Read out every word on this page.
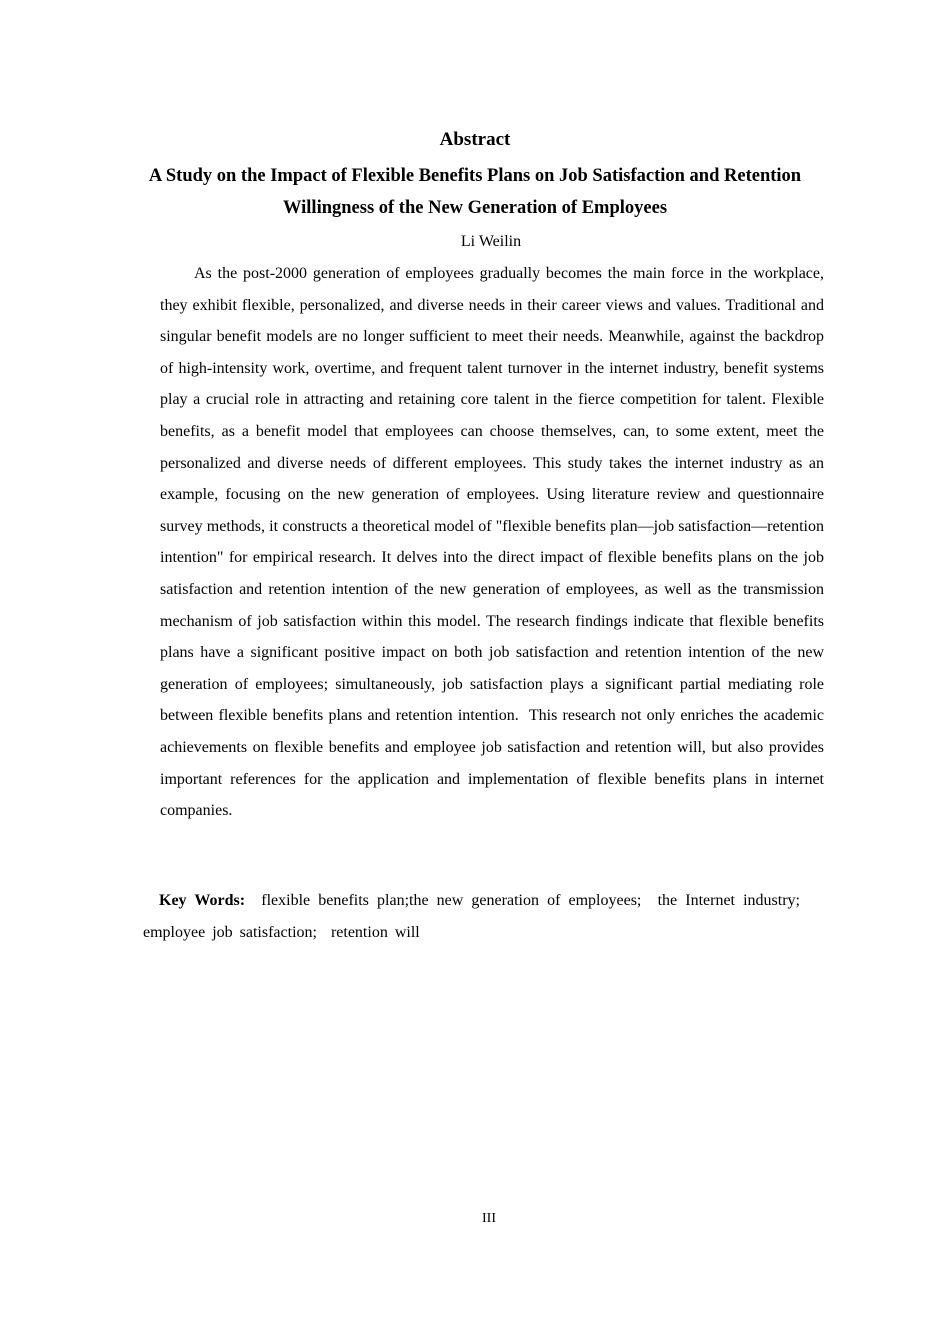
Abstract
A Study on the Impact of Flexible Benefits Plans on Job Satisfaction and Retention Willingness of the New Generation of Employees

Li Weilin

As the post-2000 generation of employees gradually becomes the main force in the workplace, they exhibit flexible, personalized, and diverse needs in their career views and values. Traditional and singular benefit models are no longer sufficient to meet their needs. Meanwhile, against the backdrop of high-intensity work, overtime, and frequent talent turnover in the internet industry, benefit systems play a crucial role in attracting and retaining core talent in the fierce competition for talent. Flexible benefits, as a benefit model that employees can choose themselves, can, to some extent, meet the personalized and diverse needs of different employees. This study takes the internet industry as an example, focusing on the new generation of employees. Using literature review and questionnaire survey methods, it constructs a theoretical model of "flexible benefits plan—job satisfaction—retention intention" for empirical research. It delves into the direct impact of flexible benefits plans on the job satisfaction and retention intention of the new generation of employees, as well as the transmission mechanism of job satisfaction within this model. The research findings indicate that flexible benefits plans have a significant positive impact on both job satisfaction and retention intention of the new generation of employees; simultaneously, job satisfaction plays a significant partial mediating role between flexible benefits plans and retention intention.  This research not only enriches the academic achievements on flexible benefits and employee job satisfaction and retention will, but also provides important references for the application and implementation of flexible benefits plans in internet companies.

Key Words: flexible benefits plan;the new generation of employees;  the Internet industry;  employee job satisfaction;  retention will

III
